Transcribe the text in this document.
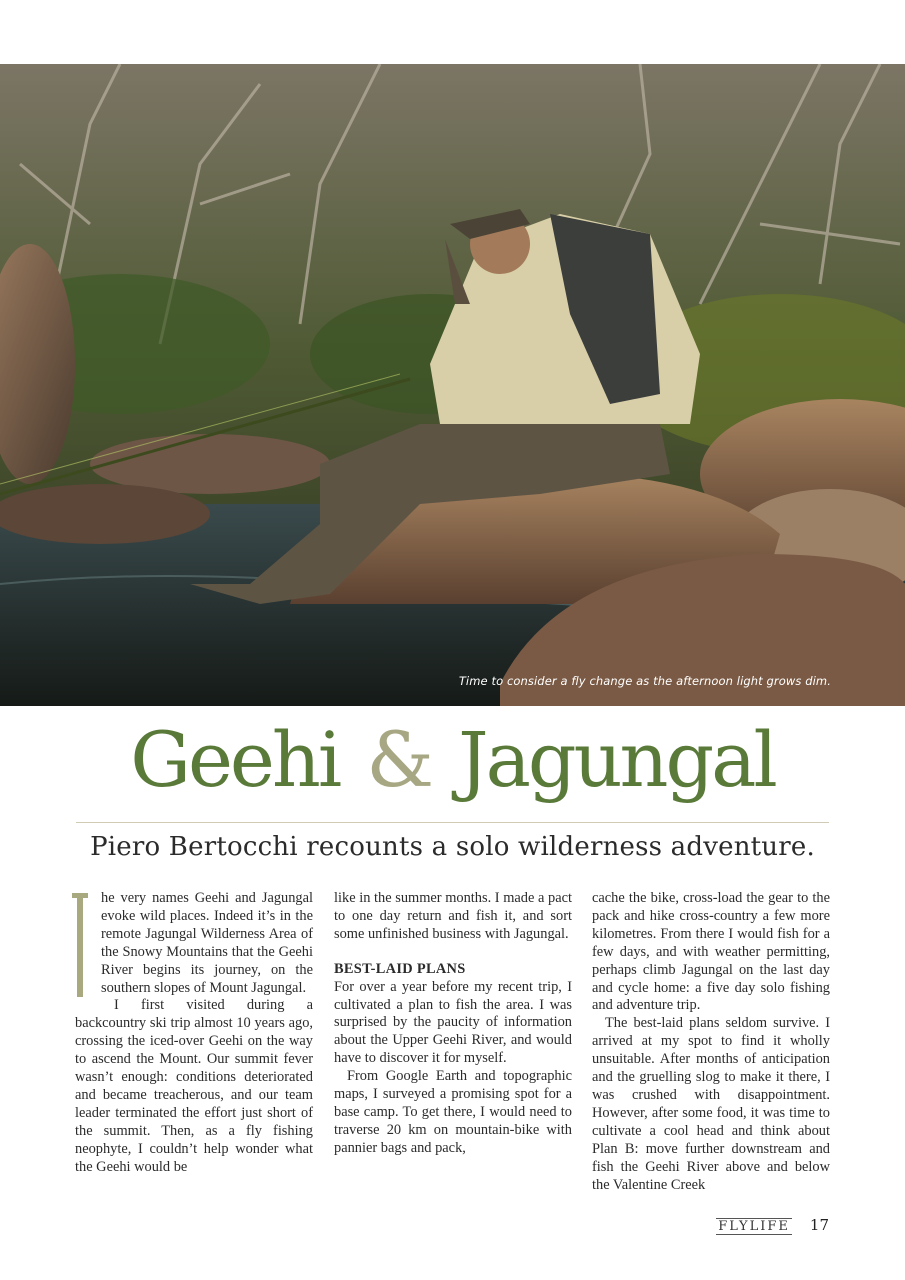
Time to consider a fly change as the afternoon light grows dim.
Geehi & Jagungal
Piero Bertocchi recounts a solo wilderness adventure.

he very names Geehi and Jagungal evoke wild places. Indeed it’s in the remote Jagungal Wilderness Area of the Snowy Mountains that the Geehi River begins its journey, on the southern slopes of Mount Jagungal.

I first visited during a backcountry ski trip almost 10 years ago, crossing the iced-over Geehi on the way to ascend the Mount. Our summit fever wasn’t enough: conditions deteriorated and became treacherous, and our team leader terminated the effort just short of the summit. Then, as a fly fishing neophyte, I couldn’t help wonder what the Geehi would be

like in the summer months. I made a pact to one day return and fish it, and sort some unfinished business with Jagungal.

BEST-LAID PLANS

For over a year before my recent trip, I cultivated a plan to fish the area. I was surprised by the paucity of information about the Upper Geehi River, and would have to discover it for myself.

From Google Earth and topographic maps, I surveyed a promising spot for a base camp. To get there, I would need to traverse 20 km on mountain-bike with pannier bags and pack,

cache the bike, cross-load the gear to the pack and hike cross-country a few more kilometres. From there I would fish for a few days, and with weather permitting, perhaps climb Jagungal on the last day and cycle home: a five day solo fishing and adventure trip.

The best-laid plans seldom survive. I arrived at my spot to find it wholly unsuitable. After months of anticipation and the gruelling slog to make it there, I was crushed with disappointment. However, after some food, it was time to cultivate a cool head and think about Plan B: move further downstream and fish the Geehi River above and below the Valentine Creek

FLYLIFE 17
